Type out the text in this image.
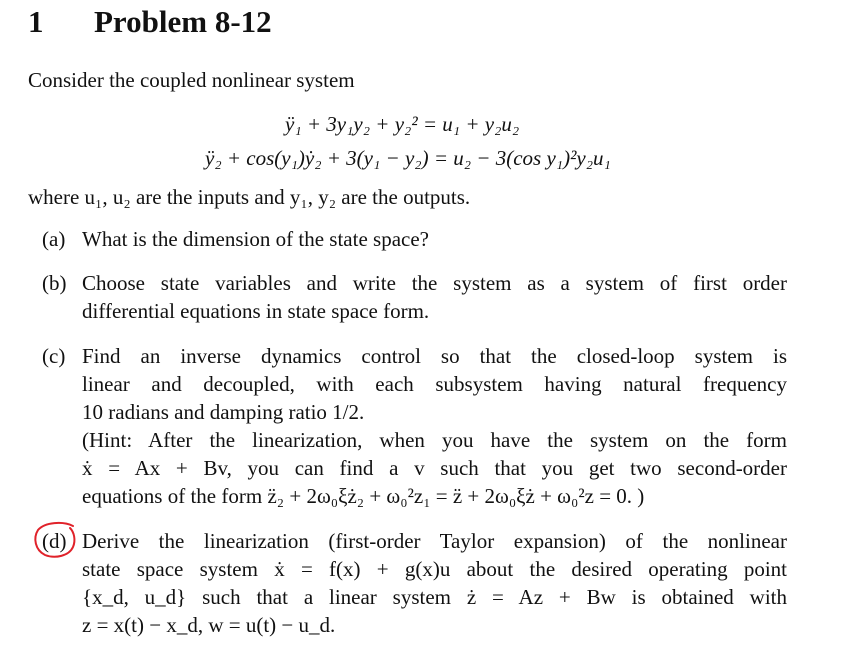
1 Problem 8-12
Consider the coupled nonlinear system
ÿ₁ + 3y₁y₂ + y₂² = u₁ + y₂u₂
ÿ₂ + cos(y₁)ẏ₂ + 3(y₁ − y₂) = u₂ − 3(cos y₁)²y₂u₁
where u₁, u₂ are the inputs and y₁, y₂ are the outputs.
(a) What is the dimension of the state space?
(b) Choose state variables and write the system as a system of first order
differential equations in state space form.
(c) Find an inverse dynamics control so that the closed-loop system is
linear and decoupled, with each subsystem having natural frequency
10 radians and damping ratio 1/2.
(Hint: After the linearization, when you have the system on the form
ẋ = Ax + Bv, you can find a v such that you get two second-order
equations of the form z̈₂ + 2ω₀ξż₂ + ω₀²z₁ = z̈ + 2ω₀ξż + ω₀²z = 0. )
(d) Derive the linearization (first-order Taylor expansion) of the nonlinear
state space system ẋ = f(x) + g(x)u about the desired operating point
{x_d, u_d} such that a linear system ż = Az + Bw is obtained with
z = x(t) − x_d, w = u(t) − u_d.
